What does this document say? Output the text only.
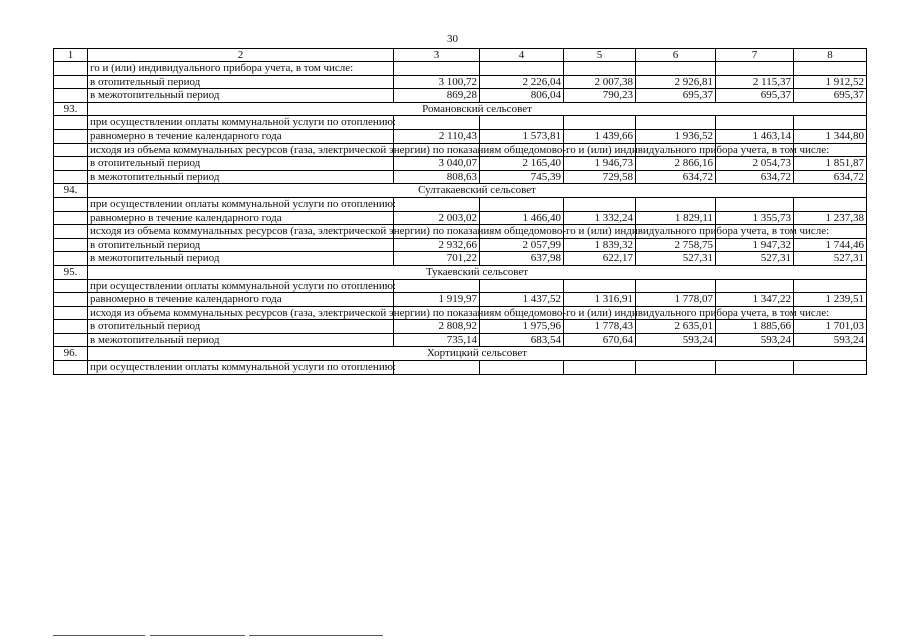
30
1	2	3	4	5	6	7	8
	го и (или) индивидуального прибора учета, в том числе:						
	в отопительный период	3 100,72	2 226,04	2 007,38	2 926,81	2 115,37	1 912,52
	в межотопительный период	869,28	806,04	790,23	695,37	695,37	695,37
93.	Романовский сельсовет						
	при осуществлении оплаты коммунальной услуги по отоплению:						
	равномерно в течение календарного года	2 110,43	1 573,81	1 439,66	1 936,52	1 463,14	1 344,80
	исходя из объема коммунальных ресурсов (газа, электрической энергии) по показаниям общедомово-го и (или) индивидуального прибора учета, в том числе:						
	в отопительный период	3 040,07	2 165,40	1 946,73	2 866,16	2 054,73	1 851,87
	в межотопительный период	808,63	745,39	729,58	634,72	634,72	634,72
94.	Султакаевский сельсовет						
	при осуществлении оплаты коммунальной услуги по отоплению:						
	равномерно в течение календарного года	2 003,02	1 466,40	1 332,24	1 829,11	1 355,73	1 237,38
	исходя из объема коммунальных ресурсов (газа, электрической энергии) по показаниям общедомово-го и (или) индивидуального прибора учета, в том числе:						
	в отопительный период	2 932,66	2 057,99	1 839,32	2 758,75	1 947,32	1 744,46
	в межотопительный период	701,22	637,98	622,17	527,31	527,31	527,31
95.	Тукаевский сельсовет						
	при осуществлении оплаты коммунальной услуги по отоплению:						
	равномерно в течение календарного года	1 919,97	1 437,52	1 316,91	1 778,07	1 347,22	1 239,51
	исходя из объема коммунальных ресурсов (газа, электрической энергии) по показаниям общедомово-го и (или) индивидуального прибора учета, в том числе:						
	в отопительный период	2 808,92	1 975,96	1 778,43	2 635,01	1 885,66	1 701,03
	в межотопительный период	735,14	683,54	670,64	593,24	593,24	593,24
96.	Хортицкий сельсовет						
	при осуществлении оплаты коммунальной услуги по отоплению:						
